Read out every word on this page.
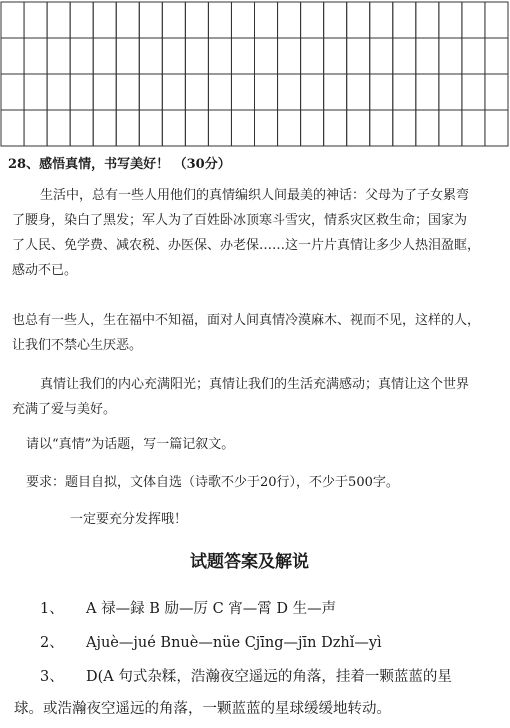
28、感悟真情，书写美好！ （30分）
生活中，总有一些人用他们的真情编织人间最美的神话：父母为了子女累弯
了腰身，染白了黑发；军人为了百姓卧冰顶寒斗雪灾，情系灾区救生命；国家为
了人民、免学费、减农税、办医保、办老保……这一片片真情让多少人热泪盈眶，
感动不已。
也总有一些人，生在福中不知福，面对人间真情冷漠麻木、视而不见，这样的人，
让我们不禁心生厌恶。
真情让我们的内心充满阳光；真情让我们的生活充满感动；真情让这个世界
充满了爱与美好。
请以“真情”为话题，写一篇记叙文。
要求：题目自拟，文体自选（诗歌不少于20行），不少于500字。
一定要充分发挥哦！
试题答案及解说
1、 A 禄—録 B 励—厉 C 宵—霄 D 生—声
2、 Ajuè—jué Bnuè—nüe Cjīng—jīn Dzhǐ—yì
3、 D(A 句式杂糅，浩瀚夜空遥远的角落，挂着一颗蓝蓝的星
球。或浩瀚夜空遥远的角落，一颗蓝蓝的星球缓缓地转动。
